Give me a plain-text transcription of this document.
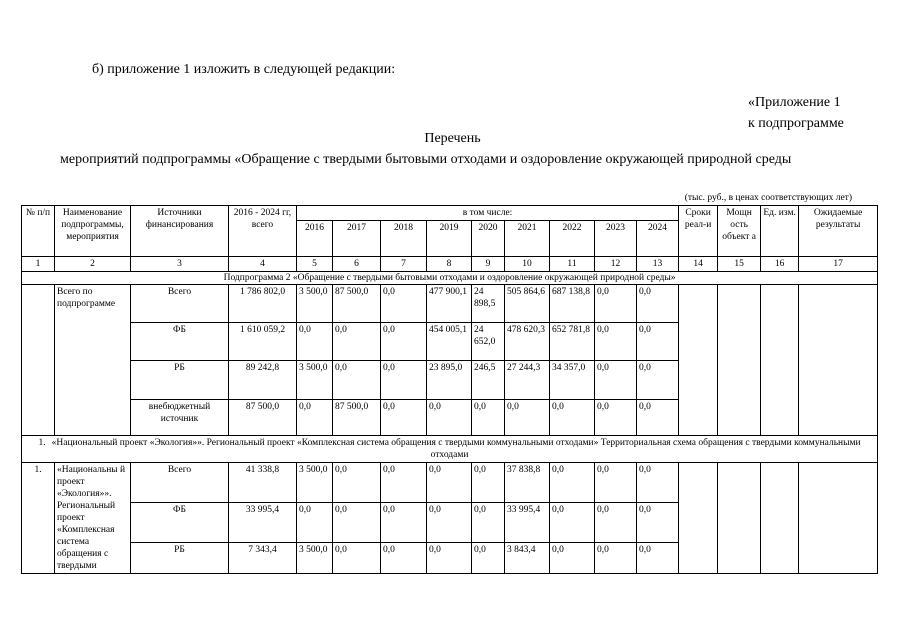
б) приложение 1 изложить в следующей редакции:
«Приложение 1
к подпрограмме
Перечень
мероприятий подпрограммы «Обращение с твердыми бытовыми отходами и оздоровление окружающей природной среды
(тыс. руб., в ценах соответствующих лет)
№ п/п	Наименование подпрограммы, мероприятия	Источники финансирования	2016 - 2024 гг, всего	в том числе:									Сроки реал-и	Мощн ость объект а	Ед. изм.	Ожидаемые результаты
				2016	2017	2018	2019	2020	2021	2022	2023	2024				
1	2	3	4	5	6	7	8	9	10	11	12	13	14	15	16	17
Подпрограмма 2 «Обращение с твердыми бытовыми отходами и оздоровление окружающей природной среды»																
	Всего по подпрограмме	Всего	1 786 802,0	3 500,0	87 500,0	0,0	477 900,1	24 898,5	505 864,6	687 138,8	0,0	0,0				
		ФБ	1 610 059,2	0,0	0,0	0,0	454 005,1	24 652,0	478 620,3	652 781,8	0,0	0,0				
		РБ	89 242,8	3 500,0	0,0	0,0	23 895,0	246,5	27 244,3	34 357,0	0,0	0,0				
		внебюджетный источник	87 500,0	0,0	87 500,0	0,0	0,0	0,0	0,0	0,0	0,0	0,0				
1. «Национальный проект «Экология»». Региональный проект «Комплексная система обращения с твердыми коммунальными отходами» Территориальная схема обращения с твердыми коммунальными отходами																
1.	«Национальны й проект «Экология»». Региональный проект «Комплексная система обращения с твердыми	Всего	41 338,8	3 500,0	0,0	0,0	0,0	0,0	37 838,8	0,0	0,0	0,0				
		ФБ	33 995,4	0,0	0,0	0,0	0,0	0,0	33 995,4	0,0	0,0	0,0				
		РБ	7 343,4	3 500,0	0,0	0,0	0,0	0,0	3 843,4	0,0	0,0	0,0				
